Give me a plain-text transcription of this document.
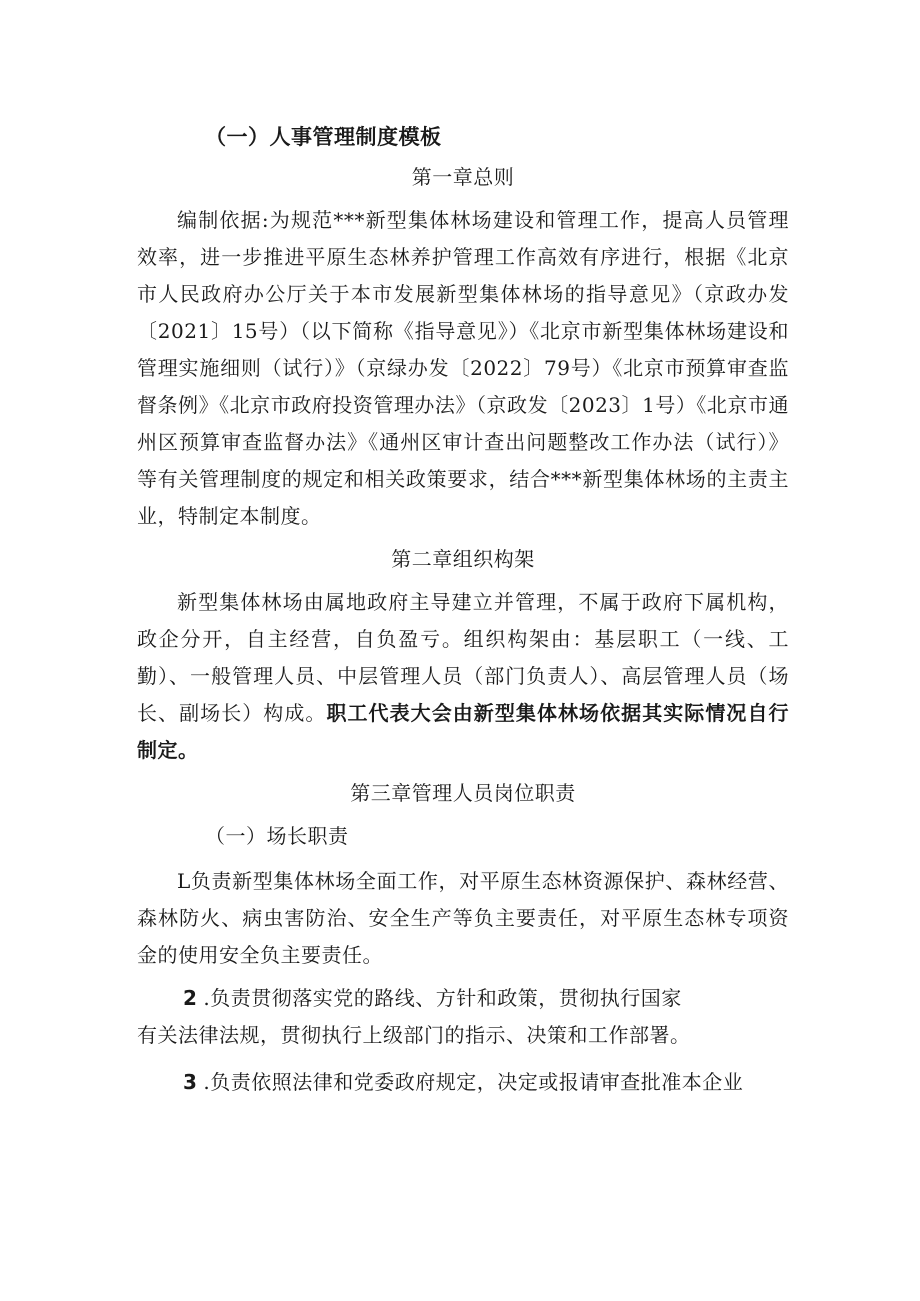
（一）人事管理制度模板
第一章总则

编制依据:为规范***新型集体林场建设和管理工作，提高人员管理效率，进一步推进平原生态林养护管理工作高效有序进行，根据《北京市人民政府办公厅关于本市发展新型集体林场的指导意见》（京政办发〔2021〕15号）（以下简称《指导意见》）《北京市新型集体林场建设和管理实施细则（试行）》（京绿办发〔2022〕79号）《北京市预算审查监督条例》《北京市政府投资管理办法》（京政发〔2023〕1号）《北京市通州区预算审查监督办法》《通州区审计查出问题整改工作办法（试行）》等有关管理制度的规定和相关政策要求，结合***新型集体林场的主责主业，特制定本制度。

第二章组织构架

新型集体林场由属地政府主导建立并管理，不属于政府下属机构，政企分开，自主经营，自负盈亏。组织构架由：基层职工（一线、工勤）、一般管理人员、中层管理人员（部门负责人）、高层管理人员（场长、副场长）构成。职工代表大会由新型集体林场依据其实际情况自行制定。

第三章管理人员岗位职责
（一）场长职责

L负责新型集体林场全面工作，对平原生态林资源保护、森林经营、森林防火、病虫害防治、安全生产等负主要责任，对平原生态林专项资金的使用安全负主要责任。

2 .负责贯彻落实党的路线、方针和政策，贯彻执行国家

有关法律法规，贯彻执行上级部门的指示、决策和工作部署。

3 .负责依照法律和党委政府规定，决定或报请审查批准本企业
